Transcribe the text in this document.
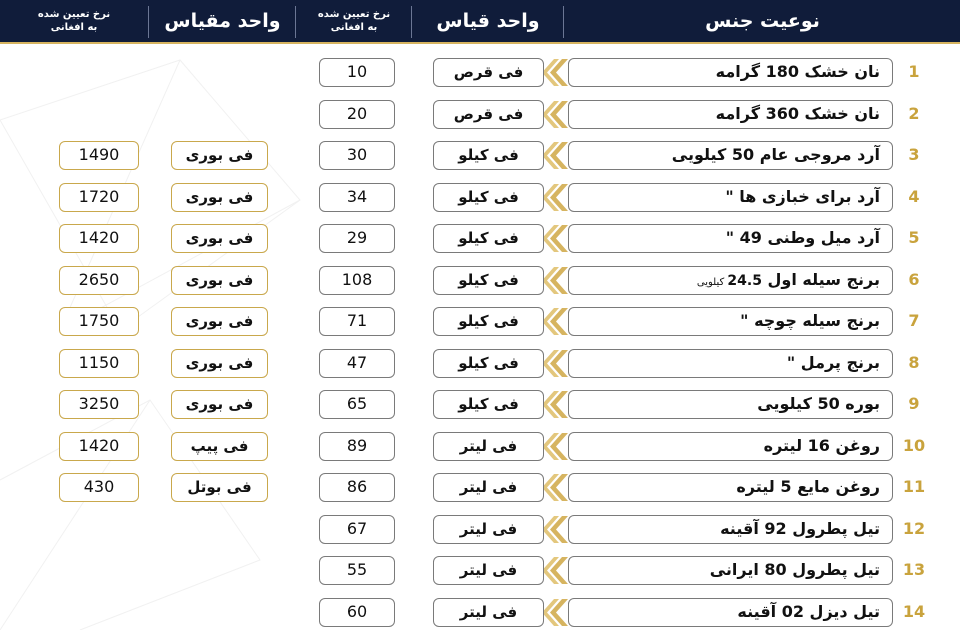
نوعیت جنس
واحد قیاس
نرخ تعیین شده
به افغانی
واحد مقیاس
نرخ تعیین شده
به افغانی
1
نان خشک 180 گرامه
فی قرص
10
2
نان خشک 360 گرامه
فی قرص
20
3
آرد مروجی عام 50 کیلویی
فی کیلو
30
فی بوری
1490
4
آرد برای خبازی ها "
فی کیلو
34
فی بوری
1720
5
آرد میل وطنی 49 "
فی کیلو
29
فی بوری
1420
6
برنج سیله اول 24.5 کیلویی
فی کیلو
108
فی بوری
2650
7
برنج سیله چوچه "
فی کیلو
71
فی بوری
1750
8
برنج پرمل "
فی کیلو
47
فی بوری
1150
9
بوره 50 کیلویی
فی کیلو
65
فی بوری
3250
10
روغن 16 لیتره
فی لیتر
89
فی پیپ
1420
11
روغن مایع 5 لیتره
فی لیتر
86
فی بوتل
430
12
تیل پطرول 92 آقینه
فی لیتر
67
13
تیل پطرول 80 ایرانی
فی لیتر
55
14
تیل دیزل 02 آقینه
فی لیتر
60
